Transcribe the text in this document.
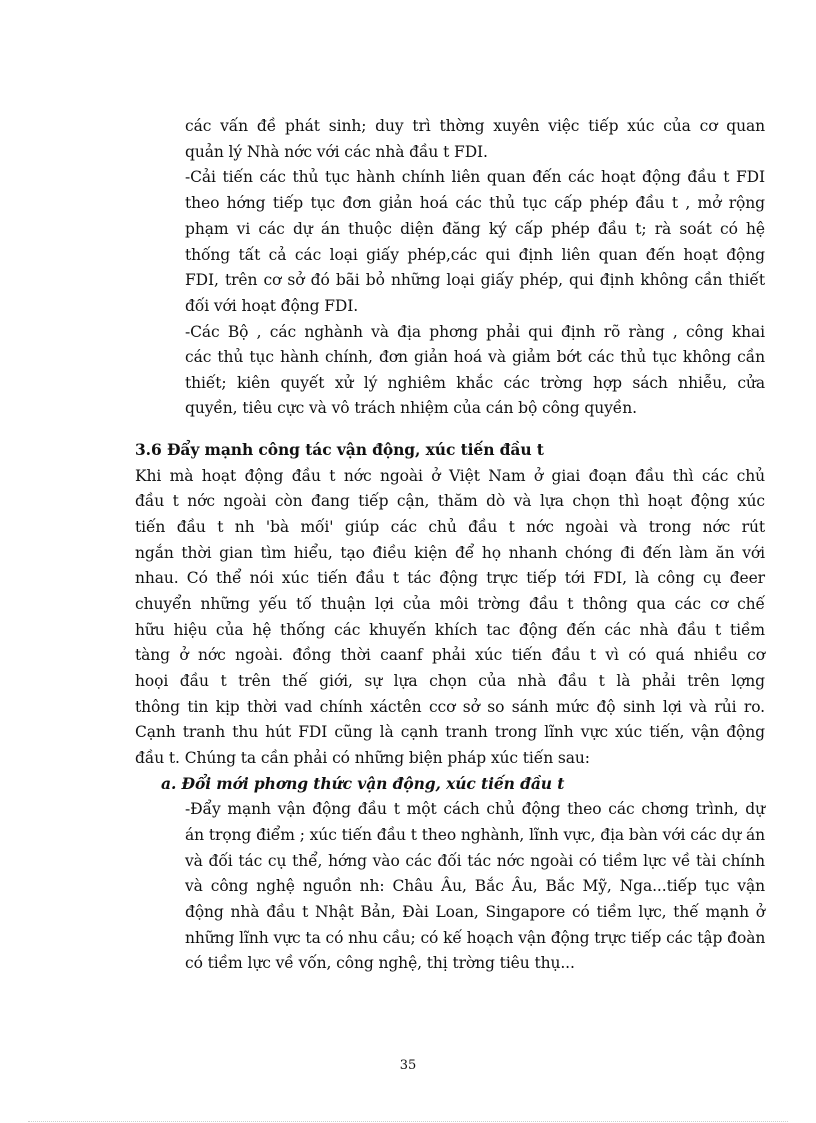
các vấn đề phát sinh; duy trì thờng xuyên việc tiếp xúc của cơ quan
quản lý Nhà nớc với các nhà đầu t FDI.
-Cải tiến các thủ tục hành chính liên quan đến các hoạt động đầu t FDI
theo hớng tiếp tục đơn giản hoá các thủ tục cấp phép đầu t , mở rộng
phạm vi các dự án thuộc diện đăng ký cấp phép đầu t; rà soát có hệ
thống tất cả các loại giấy phép,các qui định liên quan đến hoạt động
FDI, trên cơ sở đó bãi bỏ những loại giấy phép, qui định không cần thiết
đối với hoạt động FDI.
-Các Bộ , các nghành và địa phơng phải qui định rõ ràng , công khai
các thủ tục hành chính, đơn giản hoá và giảm bớt các thủ tục không cần
thiết; kiên quyết xử lý nghiêm khắc các trờng hợp sách nhiễu, cửa
quyền, tiêu cực và vô trách nhiệm của cán bộ công quyền.
3.6 Đẩy mạnh công tác vận động, xúc tiến đầu t
Khi mà hoạt động đầu t nớc ngoài ở Việt Nam ở giai đoạn đầu thì các chủ
đầu t nớc ngoài còn đang tiếp cận, thăm dò và lựa chọn thì hoạt động xúc
tiến đầu t nh 'bà mối' giúp các chủ đầu t nớc ngoài và trong nớc rút
ngắn thời gian tìm hiểu, tạo điều kiện để họ nhanh chóng đi đến làm ăn với
nhau. Có thể nói xúc tiến đầu t tác động trực tiếp tới FDI, là công cụ đeer
chuyển những yếu tố thuận lợi của môi trờng đầu t thông qua các cơ chế
hữu hiệu của hệ thống các khuyến khích tac động đến các nhà đầu t tiềm
tàng ở nớc ngoài. đồng thời caanf phải xúc tiến đầu t vì có quá nhiều cơ
hoọi đầu t trên thế giới, sự lựa chọn của nhà đầu t là phải trên lợng
thông tin kịp thời vad chính xáctên ccơ sở so sánh mức độ sinh lợi và rủi ro.
Cạnh tranh thu hút FDI cũng là cạnh tranh trong lĩnh vực xúc tiến, vận động
đầu t. Chúng ta cần phải có những biện pháp xúc tiến sau:
a. Đổi mới phơng thức vận động, xúc tiến đầu t
-Đẩy mạnh vận động đầu t một cách chủ động theo các chơng trình, dự
án trọng điểm ; xúc tiến đầu t theo nghành, lĩnh vực, địa bàn với các dự án
và đối tác cụ thể, hớng vào các đối tác nớc ngoài có tiềm lực về tài chính
và công nghệ nguồn nh: Châu Âu, Bắc Âu, Bắc Mỹ, Nga...tiếp tục vận
động nhà đầu t Nhật Bản, Đài Loan, Singapore có tiềm lực, thế mạnh ở
những lĩnh vực ta có nhu cầu; có kế hoạch vận động trực tiếp các tập đoàn
có tiềm lực về vốn, công nghệ, thị trờng tiêu thụ...
35
